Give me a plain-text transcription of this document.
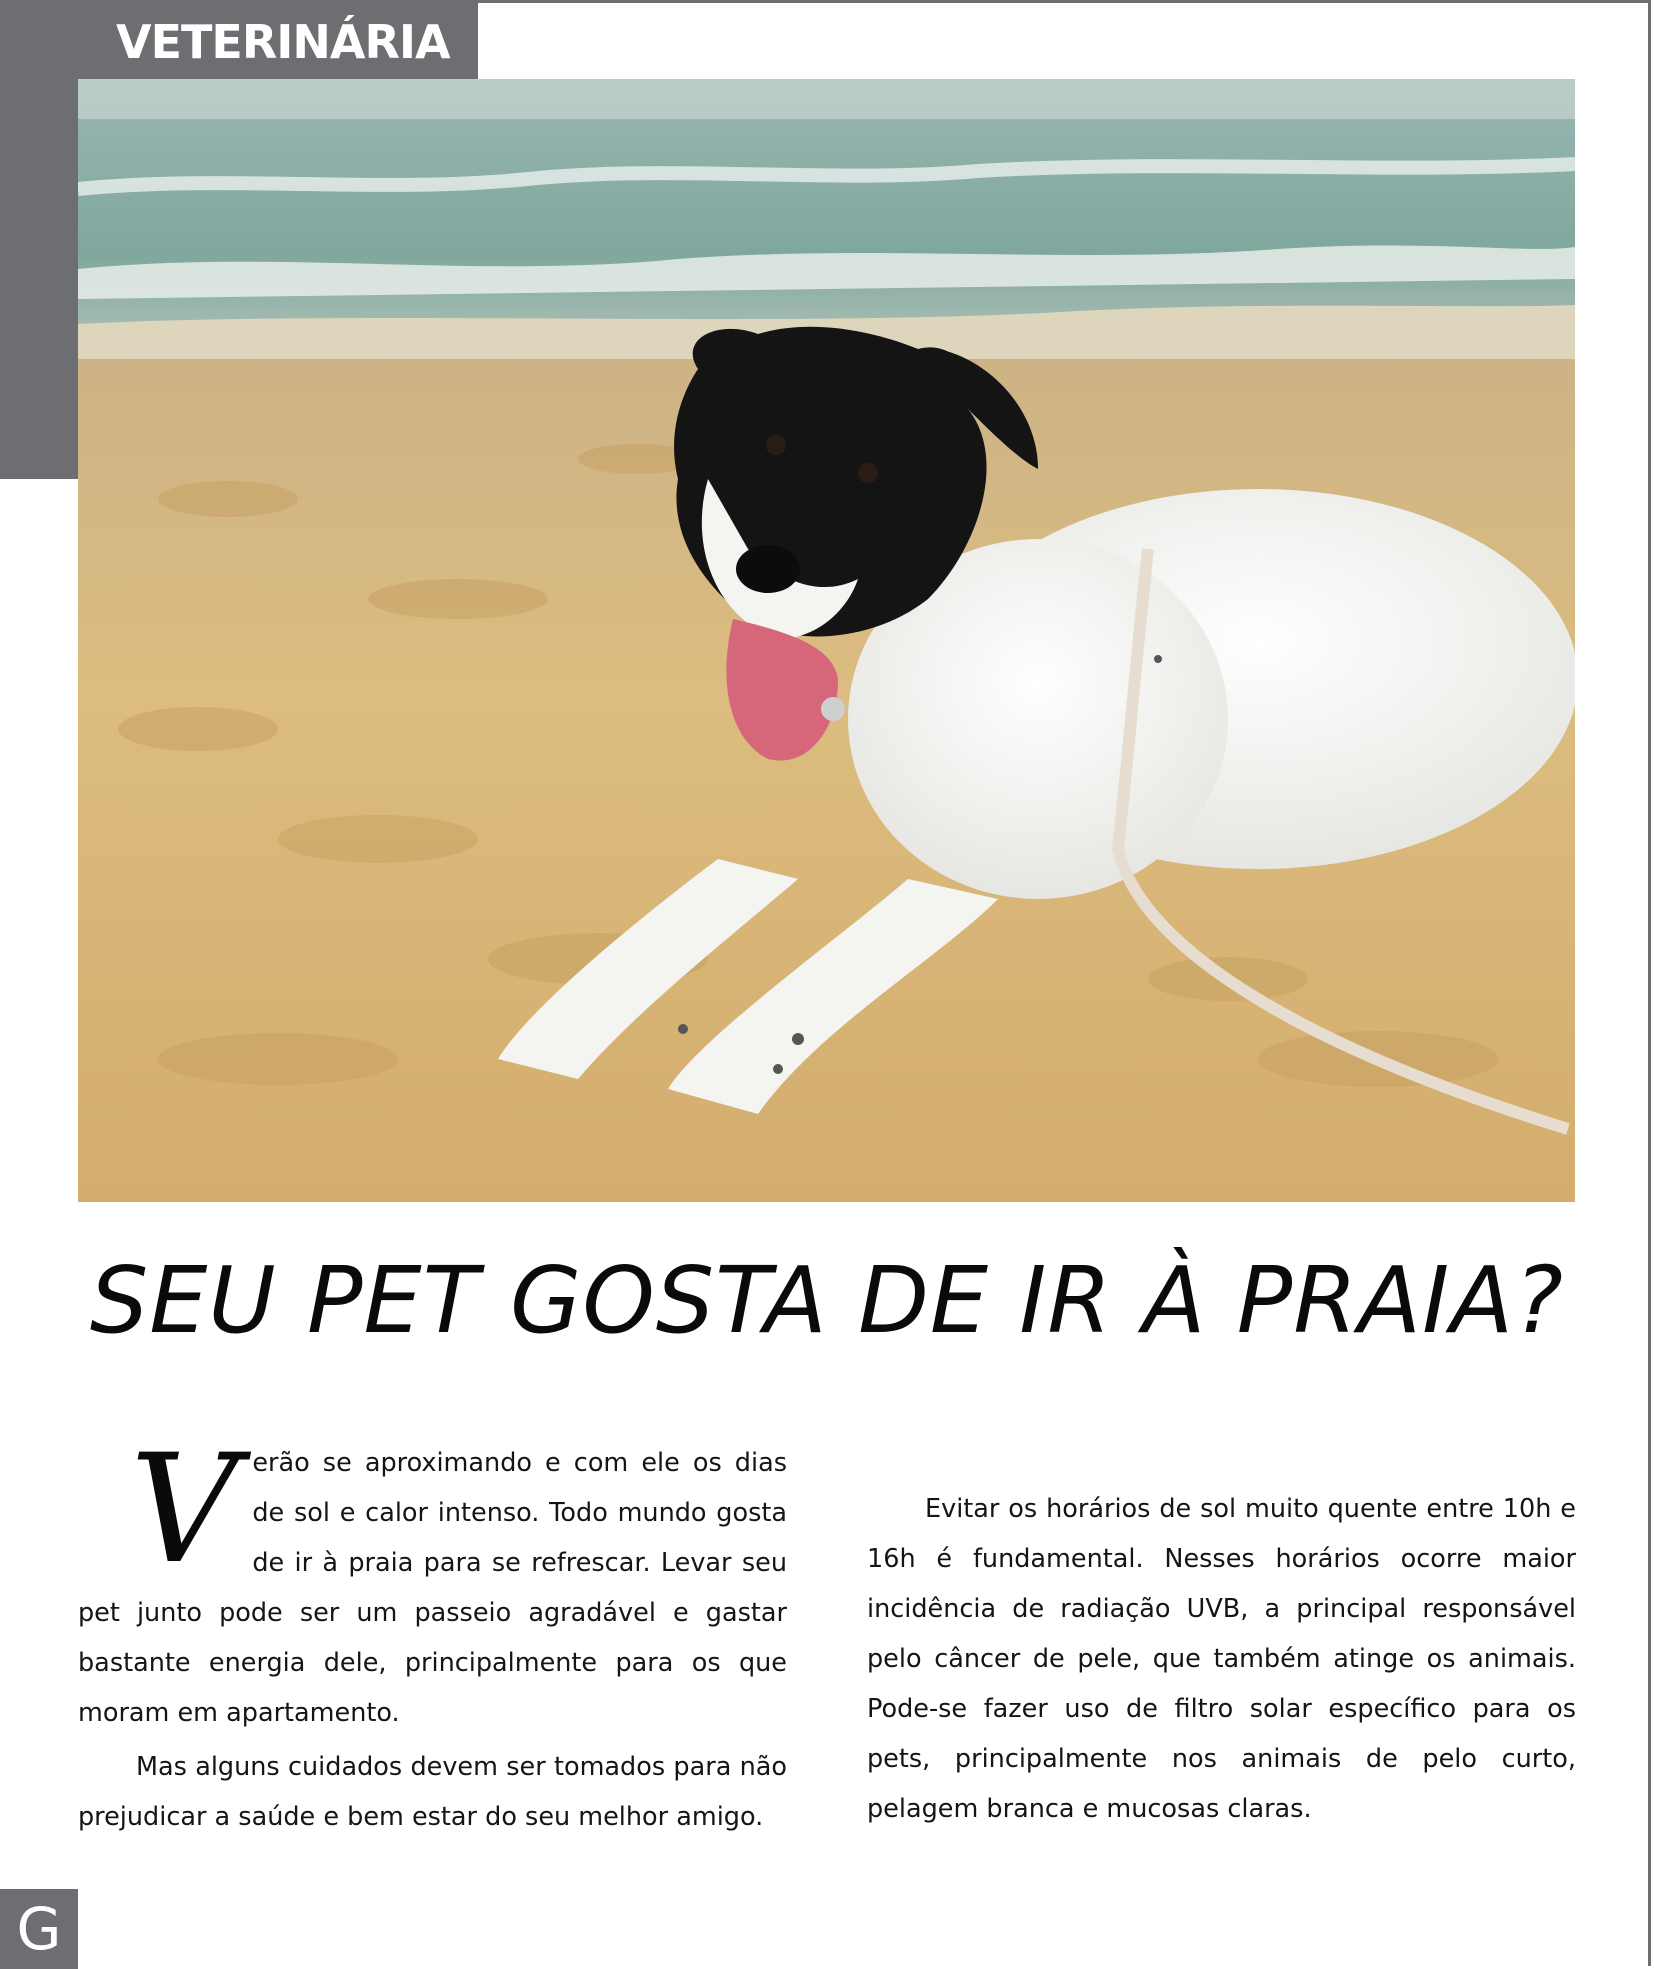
VETERINÁRIA
SEU PET GOSTA DE IR À PRAIA?

Verão se aproximando e com ele os dias de sol e calor intenso. Todo mundo gosta de ir à praia para se refrescar. Levar seu pet junto pode ser um passeio agradável e gastar bastante energia dele, principalmente para os que moram em apartamento.

Mas alguns cuidados devem ser tomados para não prejudicar a saúde e bem estar do seu melhor amigo.

Evitar os horários de sol muito quente entre 10h e 16h é fundamental. Nesses horários ocorre maior incidência de radiação UVB, a principal responsável pelo câncer de pele, que também atinge os animais. Pode-se fazer uso de filtro solar específico para os pets, principalmente nos animais de pelo curto, pelagem branca e mucosas claras.

G
